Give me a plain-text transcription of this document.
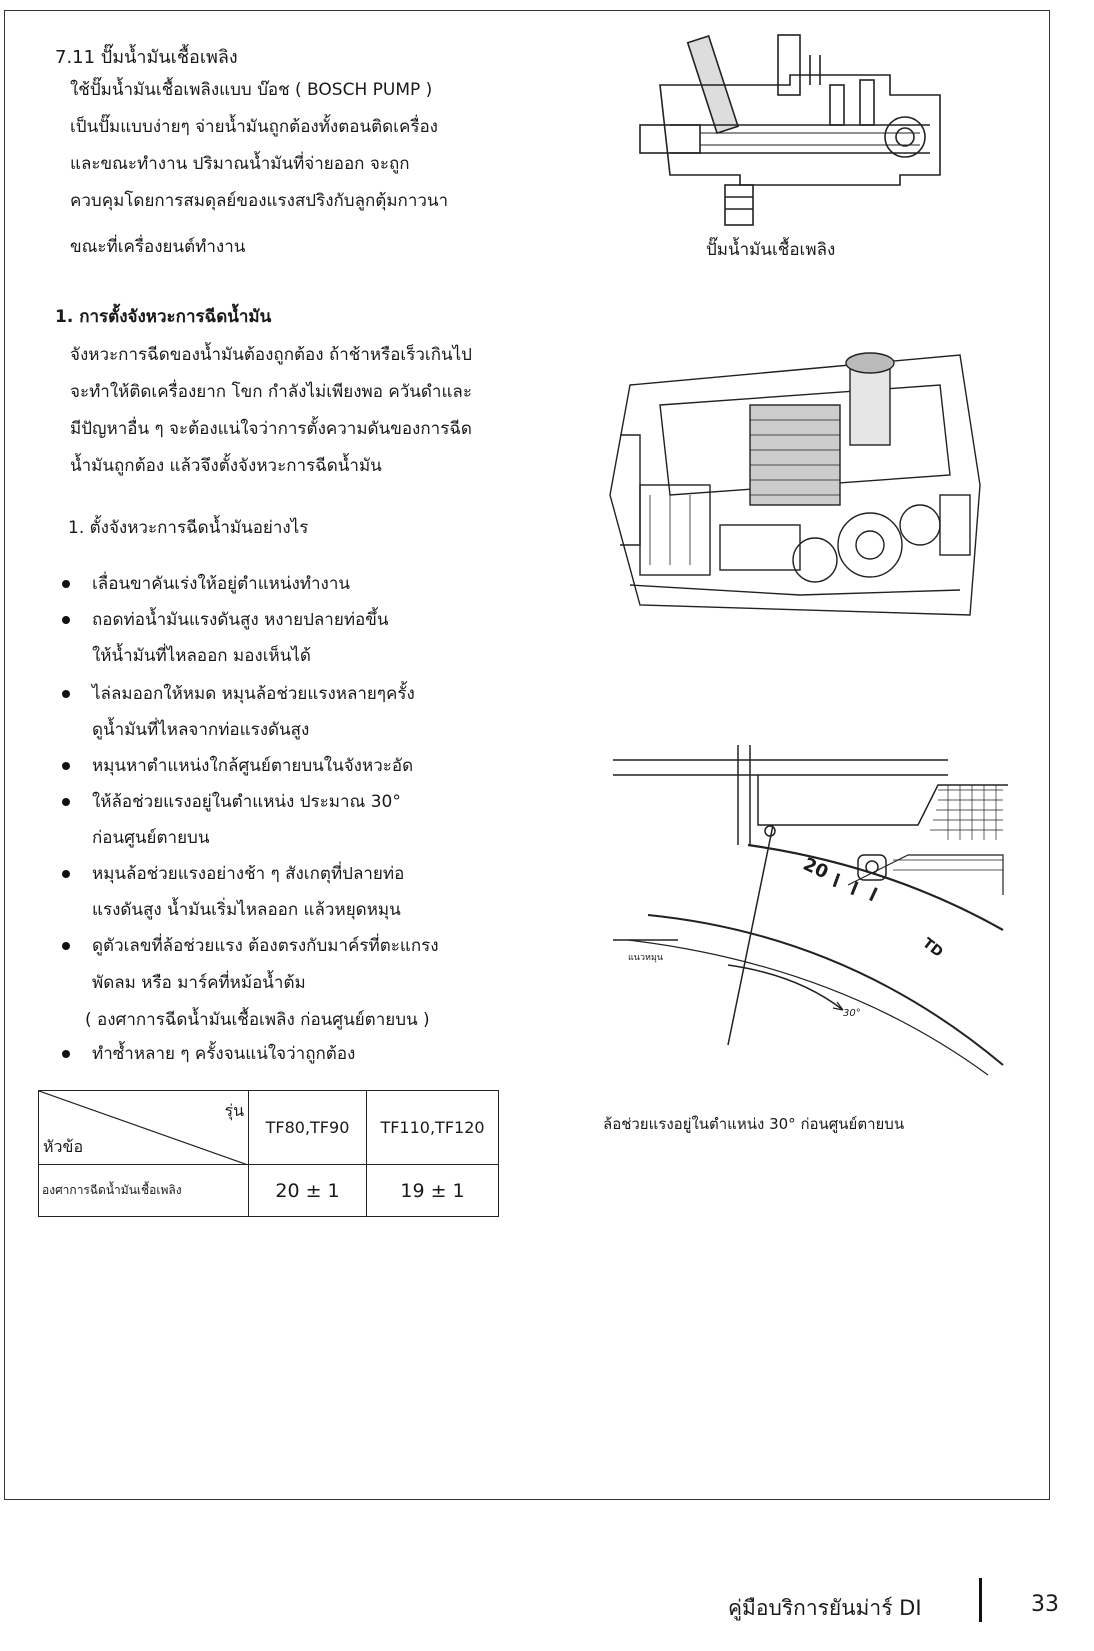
7.11 ปั๊มน้ำมันเชื้อเพลิง
ใช้ปั๊มน้ำมันเชื้อเพลิงแบบ บ๊อช ( BOSCH PUMP )
เป็นปั๊มแบบง่ายๆ จ่ายน้ำมันถูกต้องทั้งตอนติดเครื่อง
และขณะทำงาน ปริมาณน้ำมันที่จ่ายออก จะถูก
ควบคุมโดยการสมดุลย์ของแรงสปริงกับลูกตุ้มกาวนา
ขณะที่เครื่องยนต์ทำงาน	ปั๊มน้ำมันเชื้อเพลิง
1. การตั้งจังหวะการฉีดน้ำมัน
จังหวะการฉีดของน้ำมันต้องถูกต้อง ถ้าช้าหรือเร็วเกินไป
จะทำให้ติดเครื่องยาก โขก กำลังไม่เพียงพอ ควันดำและ
มีปัญหาอื่น ๆ จะต้องแน่ใจว่าการตั้งความดันของการฉีด
น้ำมันถูกต้อง แล้วจึงตั้งจังหวะการฉีดน้ำมัน
1. ตั้งจังหวะการฉีดน้ำมันอย่างไร
เลื่อนขาคันเร่งให้อยู่ตำแหน่งทำงาน
ถอดท่อน้ำมันแรงดันสูง หงายปลายท่อขึ้น
ให้น้ำมันที่ไหลออก มองเห็นได้
ไล่ลมออกให้หมด หมุนล้อช่วยแรงหลายๆครั้ง
ดูน้ำมันที่ไหลจากท่อแรงดันสูง
หมุนหาตำแหน่งใกล้ศูนย์ตายบนในจังหวะอัด
ให้ล้อช่วยแรงอยู่ในตำแหน่ง ประมาณ 30°
ก่อนศูนย์ตายบน
หมุนล้อช่วยแรงอย่างช้า ๆ สังเกตุที่ปลายท่อ
แรงดันสูง น้ำมันเริ่มไหลออก แล้วหยุดหมุน
ดูตัวเลขที่ล้อช่วยแรง ต้องตรงกับมาค์รที่ตะแกรง
พัดลม หรือ มาร์คที่หม้อน้ำต้ม
( องศาการฉีดน้ำมันเชื้อเพลิง ก่อนศูนย์ตายบน )
ทำซ้ำหลาย ๆ ครั้งจนแน่ใจว่าถูกต้อง
รุ่น
หัวข้อ	TF80,TF90	TF110,TF120
องศาการฉีดน้ำมันเชื้อเพลิง	20 ± 1	19 ± 1
20
TD
30°
แนวหมุน
ล้อช่วยแรงอยู่ในตำแหน่ง 30° ก่อนศูนย์ตายบน
คู่มือบริการยันม่าร์ DI	33
